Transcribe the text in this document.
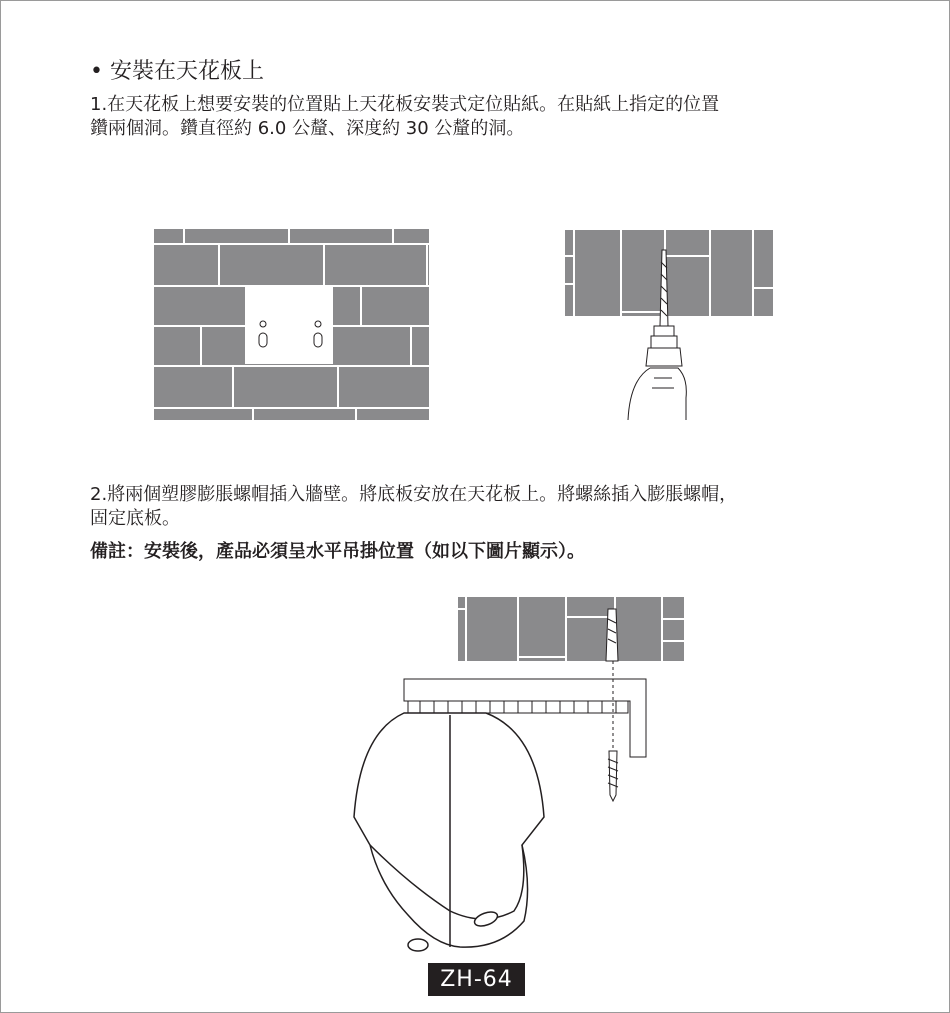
• 安裝在天花板上
1.在天花板上想要安裝的位置貼上天花板安裝式定位貼紙。在貼紙上指定的位置
鑽兩個洞。鑽直徑約 6.0 公釐、深度約 30 公釐的洞。
2.將兩個塑膠膨脹螺帽插入牆壁。將底板安放在天花板上。將螺絲插入膨脹螺帽，
固定底板。
備註：安裝後，產品必須呈水平吊掛位置（如以下圖片顯示）。
ZH-64
